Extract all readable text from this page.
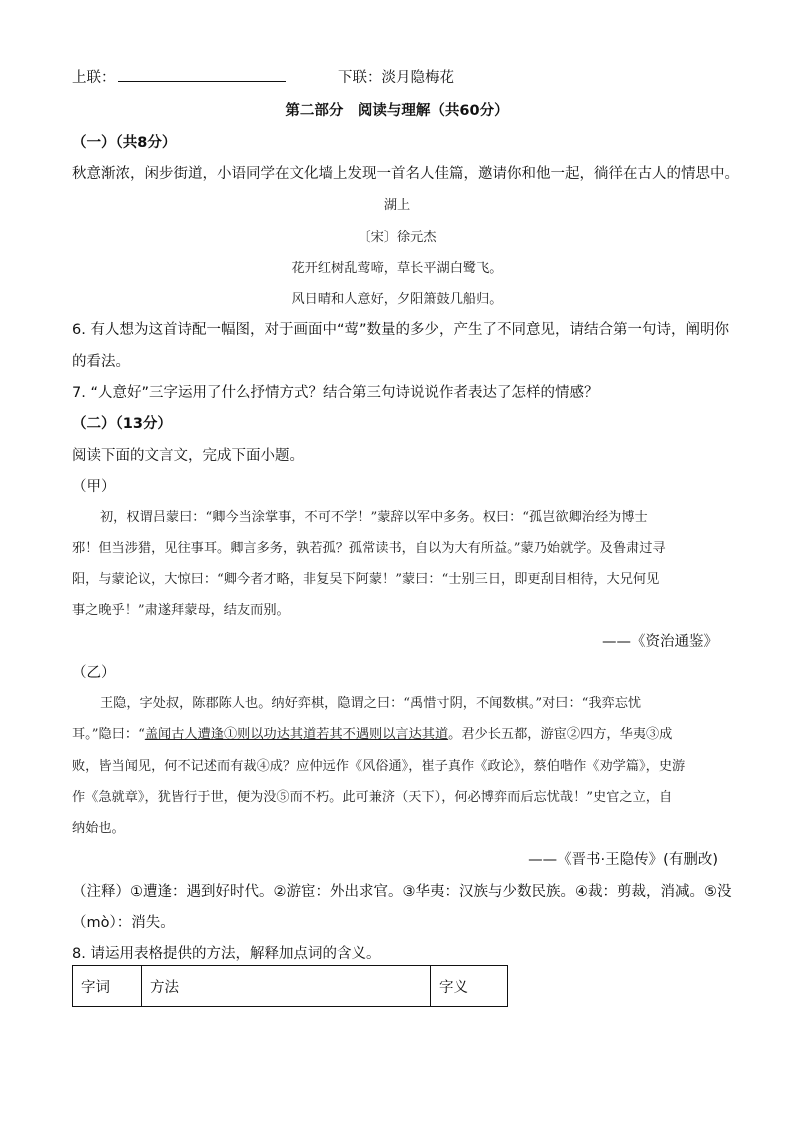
上联：	下联：淡月隐梅花
第二部分　阅读与理解（共60分）
（一）（共8分）
秋意渐浓，闲步街道，小语同学在文化墙上发现一首名人佳篇，邀请你和他一起，徜徉在古人的情思中。
湖上
〔宋〕徐元杰
花开红树乱莺啼，草长平湖白鹭飞。
风日晴和人意好，夕阳箫鼓几船归。
6. 有人想为这首诗配一幅图，对于画面中“莺”数量的多少，产生了不同意见，请结合第一句诗，阐明你
的看法。
7. “人意好”三字运用了什么抒情方式？结合第三句诗说说作者表达了怎样的情感？
（二）（13分）
阅读下面的文言文，完成下面小题。
（甲）
初，权谓吕蒙曰：“卿今当涂掌事，不可不学！”蒙辞以军中多务。权曰：“孤岂欲卿治经为博士
邪！但当涉猎，见往事耳。卿言多务，孰若孤？孤常读书，自以为大有所益。”蒙乃始就学。及鲁肃过寻
阳，与蒙论议，大惊曰：“卿今者才略，非复吴下阿蒙！”蒙曰：“士别三日，即更刮目相待，大兄何见
事之晚乎！”肃遂拜蒙母，结友而别。
——《资治通鉴》
（乙）
王隐，字处叔，陈郡陈人也。纳好弈棋，隐谓之曰：“禹惜寸阴，不闻数棋。”对曰：“我弈忘忧
耳。”隐曰：“盖闻古人遭逢①则以功达其道若其不遇则以言达其道。君少长五都，游宦②四方，华夷③成
败，皆当闻见，何不记述而有裁④成？应仲远作《风俗通》，崔子真作《政论》，蔡伯喈作《劝学篇》，史游
作《急就章》，犹皆行于世，便为没⑤而不朽。此可兼济（天下），何必博弈而后忘忧哉！”史官之立，自
纳始也。
——《晋书·王隐传》(有删改)
（注释）①遭逢：遇到好时代。②游宦：外出求官。③华夷：汉族与少数民族。④裁：剪裁，消减。⑤没
（mò）：消失。
8. 请运用表格提供的方法，解释加点词的含义。
字词	方法	字义
